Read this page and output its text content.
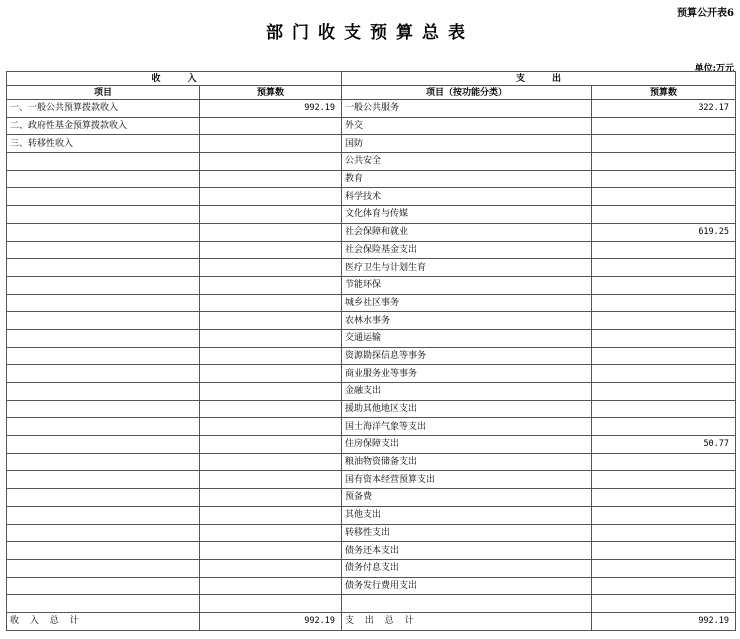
预算公开表6
部门收支预算总表
单位:万元
收　　　入		支　　　出	
项目	预算数	项目（按功能分类）	预算数
一、一般公共预算拨款收入	992.19	一般公共服务	322.17
二、政府性基金预算拨款收入		外交	
三、转移性收入		国防	
		公共安全	
		教育	
		科学技术	
		文化体育与传媒	
		社会保障和就业	619.25
		社会保险基金支出	
		医疗卫生与计划生育	
		节能环保	
		城乡社区事务	
		农林水事务	
		交通运输	
		资源勘探信息等事务	
		商业服务业等事务	
		金融支出	
		援助其他地区支出	
		国土海洋气象等支出	
		住房保障支出	50.77
		粮油物资储备支出	
		国有资本经营预算支出	
		预备费	
		其他支出	
		转移性支出	
		债务还本支出	
		债务付息支出	
		债务发行费用支出	

收 入 总 计	992.19	支 出 总 计	992.19
